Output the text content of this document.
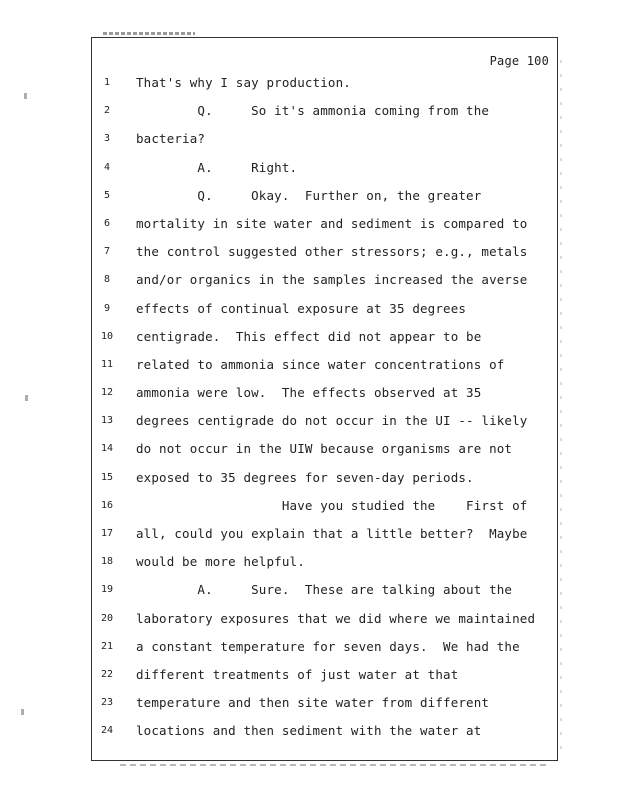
Page 100
1	That's why I say production.
2	Q.     So it's ammonia coming from the
3	bacteria?
4	A.     Right.
5	Q.     Okay.  Further on, the greater
6	mortality in site water and sediment is compared to
7	the control suggested other stressors; e.g., metals
8	and/or organics in the samples increased the averse
9	effects of continual exposure at 35 degrees
10	centigrade.  This effect did not appear to be
11	related to ammonia since water concentrations of
12	ammonia were low.  The effects observed at 35
13	degrees centigrade do not occur in the UI -- likely
14	do not occur in the UIW because organisms are not
15	exposed to 35 degrees for seven-day periods.
16	Have you studied the    First of
17	all, could you explain that a little better?  Maybe
18	would be more helpful.
19	A.     Sure.  These are talking about the
20	laboratory exposures that we did where we maintained
21	a constant temperature for seven days.  We had the
22	different treatments of just water at that
23	temperature and then site water from different
24	locations and then sediment with the water at
